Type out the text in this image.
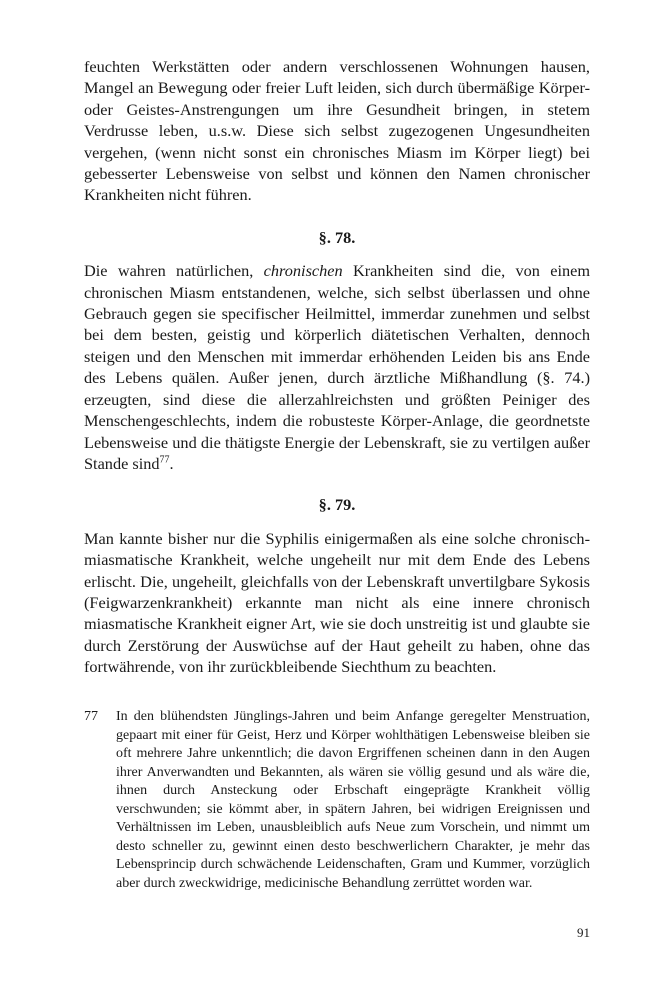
feuchten Werkstätten oder andern verschlossenen Wohnungen hausen, Mangel an Bewegung oder freier Luft leiden, sich durch übermäßige Körper- oder Geistes-Anstrengungen um ihre Gesundheit bringen, in stetem Verdrusse leben, u.s.w. Diese sich selbst zugezogenen Ungesundheiten vergehen, (wenn nicht sonst ein chronisches Miasm im Körper liegt) bei gebesserter Lebensweise von selbst und können den Namen chronischer Krankheiten nicht führen.

§. 78.

Die wahren natürlichen, chronischen Krankheiten sind die, von einem chronischen Miasm entstandenen, welche, sich selbst überlassen und ohne Gebrauch gegen sie specifischer Heilmittel, immerdar zunehmen und selbst bei dem besten, geistig und körperlich diätetischen Verhalten, dennoch steigen und den Menschen mit immerdar erhöhenden Leiden bis ans Ende des Lebens quälen. Außer jenen, durch ärztliche Mißhandlung (§. 74.) erzeugten, sind diese die allerzahlreichsten und größten Peiniger des Menschengeschlechts, indem die robusteste Körper-Anlage, die geordnetste Lebensweise und die thätigste Energie der Lebenskraft, sie zu vertilgen außer Stande sind$^{77}$.

§. 79.

Man kannte bisher nur die Syphilis einigermaßen als eine solche chronisch-miasmatische Krankheit, welche ungeheilt nur mit dem Ende des Lebens erlischt. Die, ungeheilt, gleichfalls von der Lebenskraft unvertilgbare Sykosis (Feigwarzenkrankheit) erkannte man nicht als eine innere chronisch miasmatische Krankheit eigner Art, wie sie doch unstreitig ist und glaubte sie durch Zerstörung der Auswüchse auf der Haut geheilt zu haben, ohne das fortwährende, von ihr zurückbleibende Siechthum zu beachten.

77	In den blühendsten Jünglings-Jahren und beim Anfange geregelter Menstruation, gepaart mit einer für Geist, Herz und Körper wohlthätigen Lebensweise bleiben sie oft mehrere Jahre unkenntlich; die davon Ergriffenen scheinen dann in den Augen ihrer Anverwandten und Bekannten, als wären sie völlig gesund und als wäre die, ihnen durch Ansteckung oder Erbschaft eingeprägte Krankheit völlig verschwunden; sie kömmt aber, in spätern Jahren, bei widrigen Ereignissen und Verhältnissen im Leben, unausbleiblich aufs Neue zum Vorschein, und nimmt um desto schneller zu, gewinnt einen desto beschwerlichern Charakter, je mehr das Lebensprincip durch schwächende Leidenschaften, Gram und Kummer, vorzüglich aber durch zweckwidrige, medicinische Behandlung zerrüttet worden war.

91
